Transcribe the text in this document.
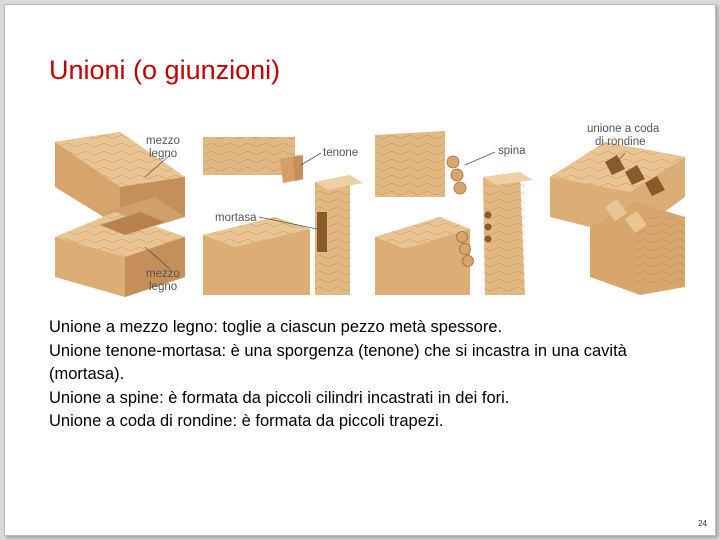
Unioni (o giunzioni)
mezzo
legno
mezzo
legno
tenone
mortasa
spina
unione a coda
di rondine

Unione a mezzo legno: toglie a ciascun pezzo metà spessore.

Unione tenone-mortasa: è una sporgenza (tenone) che si incastra in una cavità (mortasa).

Unione a spine: è formata da piccoli cilindri incastrati in dei fori.

Unione a coda di rondine: è formata da piccoli trapezi.

24
